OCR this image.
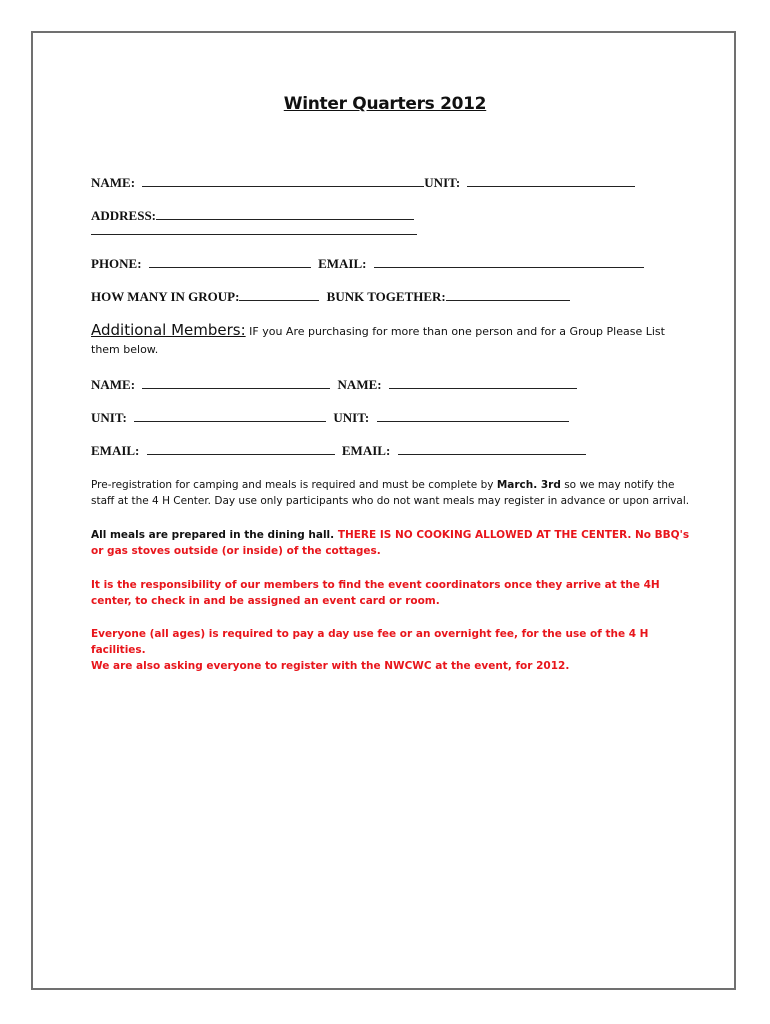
Winter Quarters 2012
NAME:	UNIT:
ADDRESS:
PHONE:	EMAIL:
HOW MANY IN GROUP:	BUNK TOGETHER:
Additional Members: IF you Are purchasing for more than one person and for a Group Please List them below.
NAME:	NAME:
UNIT:	UNIT:
EMAIL:	EMAIL:
Pre-registration for camping and meals is required and must be complete by March. 3rd so we may notify the staff at the 4 H Center. Day use only participants who do not want meals may register in advance or upon arrival.
All meals are prepared in the dining hall. THERE IS NO COOKING ALLOWED AT THE CENTER. No BBQ's or gas stoves outside (or inside) of the cottages.
It is the responsibility of our members to find the event coordinators once they arrive at the 4H center, to check in and be assigned an event card or room.
Everyone (all ages) is required to pay a day use fee or an overnight fee, for the use of the 4 H facilities.
We are also asking everyone to register with the NWCWC at the event, for 2012.
